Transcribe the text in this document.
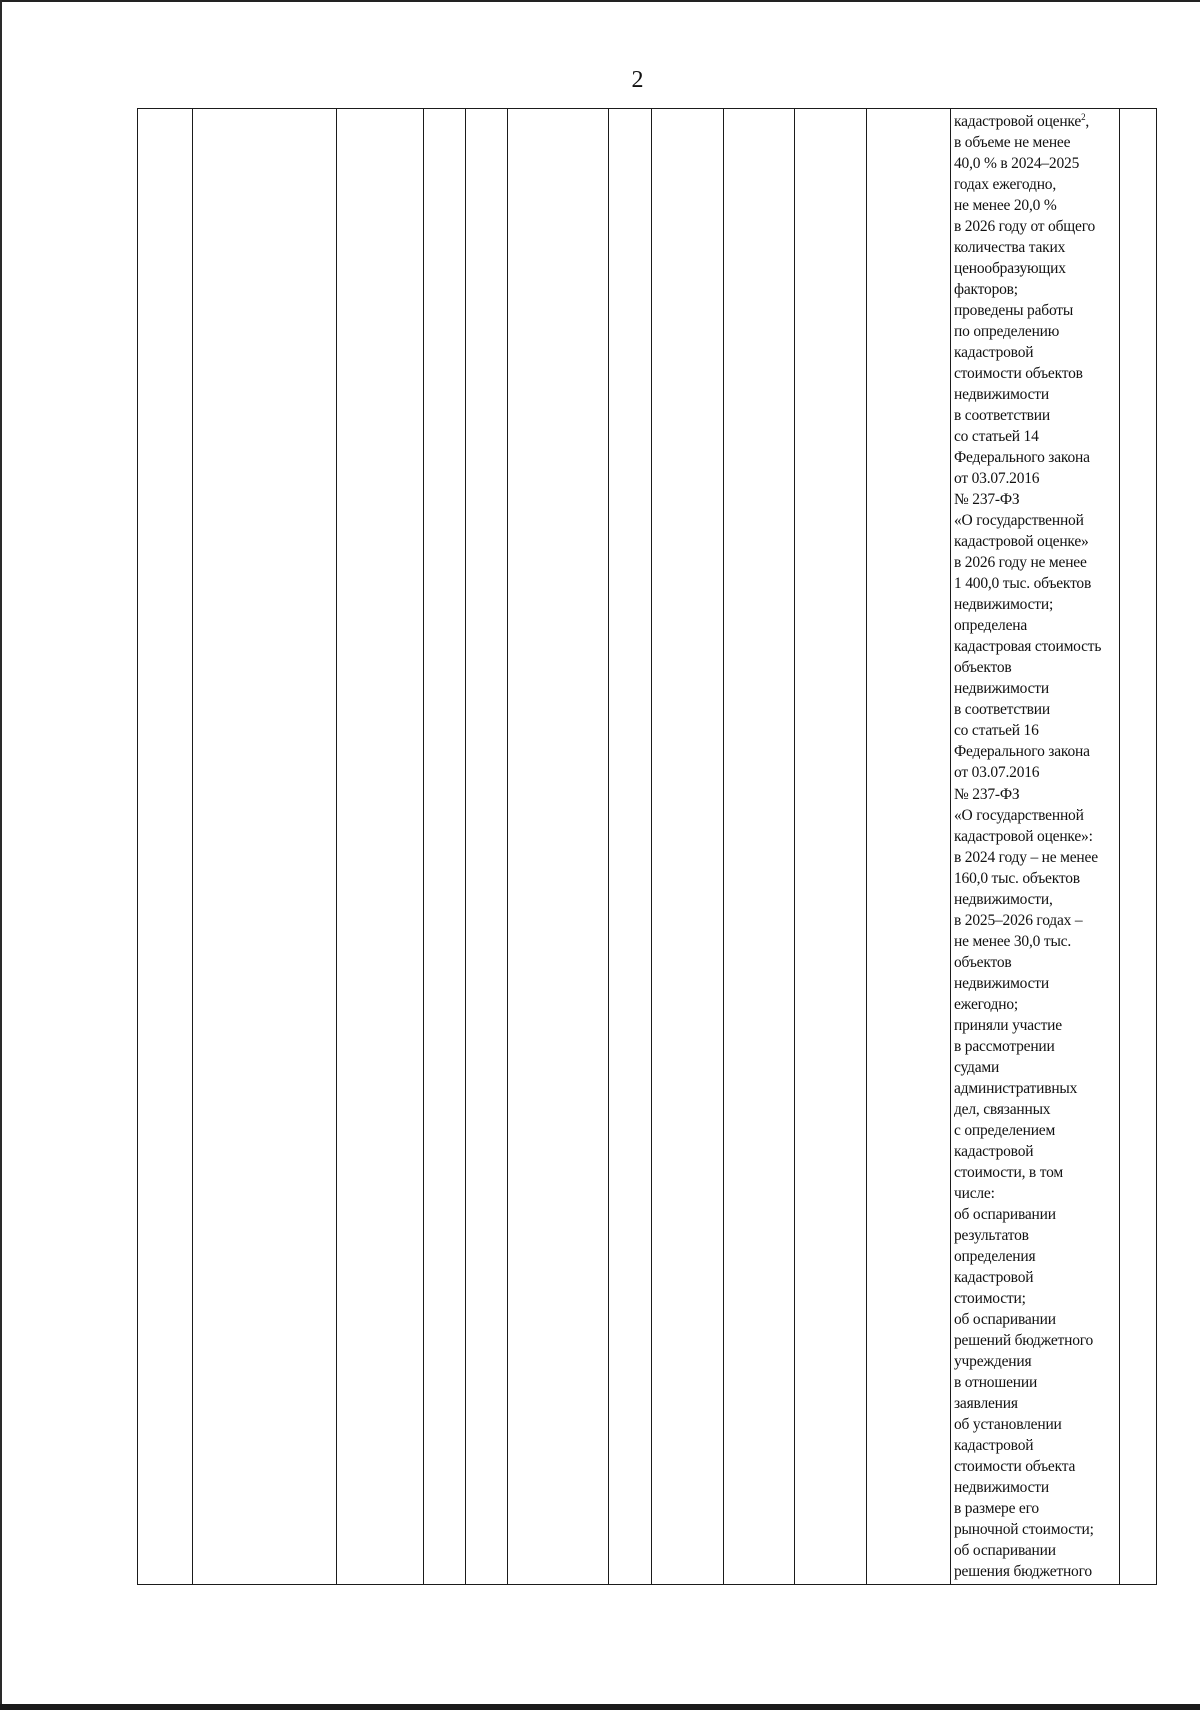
2
кадастровой оценке$^2$,
в объеме не менее
40,0 % в 2024–2025
годах ежегодно,
не менее 20,0 %
в 2026 году от общего
количества таких
ценообразующих
факторов;
проведены работы
по определению
кадастровой
стоимости объектов
недвижимости
в соответствии
со статьей 14
Федерального закона
от 03.07.2016
№ 237-ФЗ
«О государственной
кадастровой оценке»
в 2026 году не менее
1 400,0 тыс. объектов
недвижимости;
определена
кадастровая стоимость
объектов
недвижимости
в соответствии
со статьей 16
Федерального закона
от 03.07.2016
№ 237-ФЗ
«О государственной
кадастровой оценке»:
в 2024 году – не менее
160,0 тыс. объектов
недвижимости,
в 2025–2026 годах –
не менее 30,0 тыс.
объектов
недвижимости
ежегодно;
приняли участие
в рассмотрении
судами
административных
дел, связанных
с определением
кадастровой
стоимости, в том
числе:
об оспаривании
результатов
определения
кадастровой
стоимости;
об оспаривании
решений бюджетного
учреждения
в отношении
заявления
об установлении
кадастровой
стоимости объекта
недвижимости
в размере его
рыночной стоимости;
об оспаривании
решения бюджетного
